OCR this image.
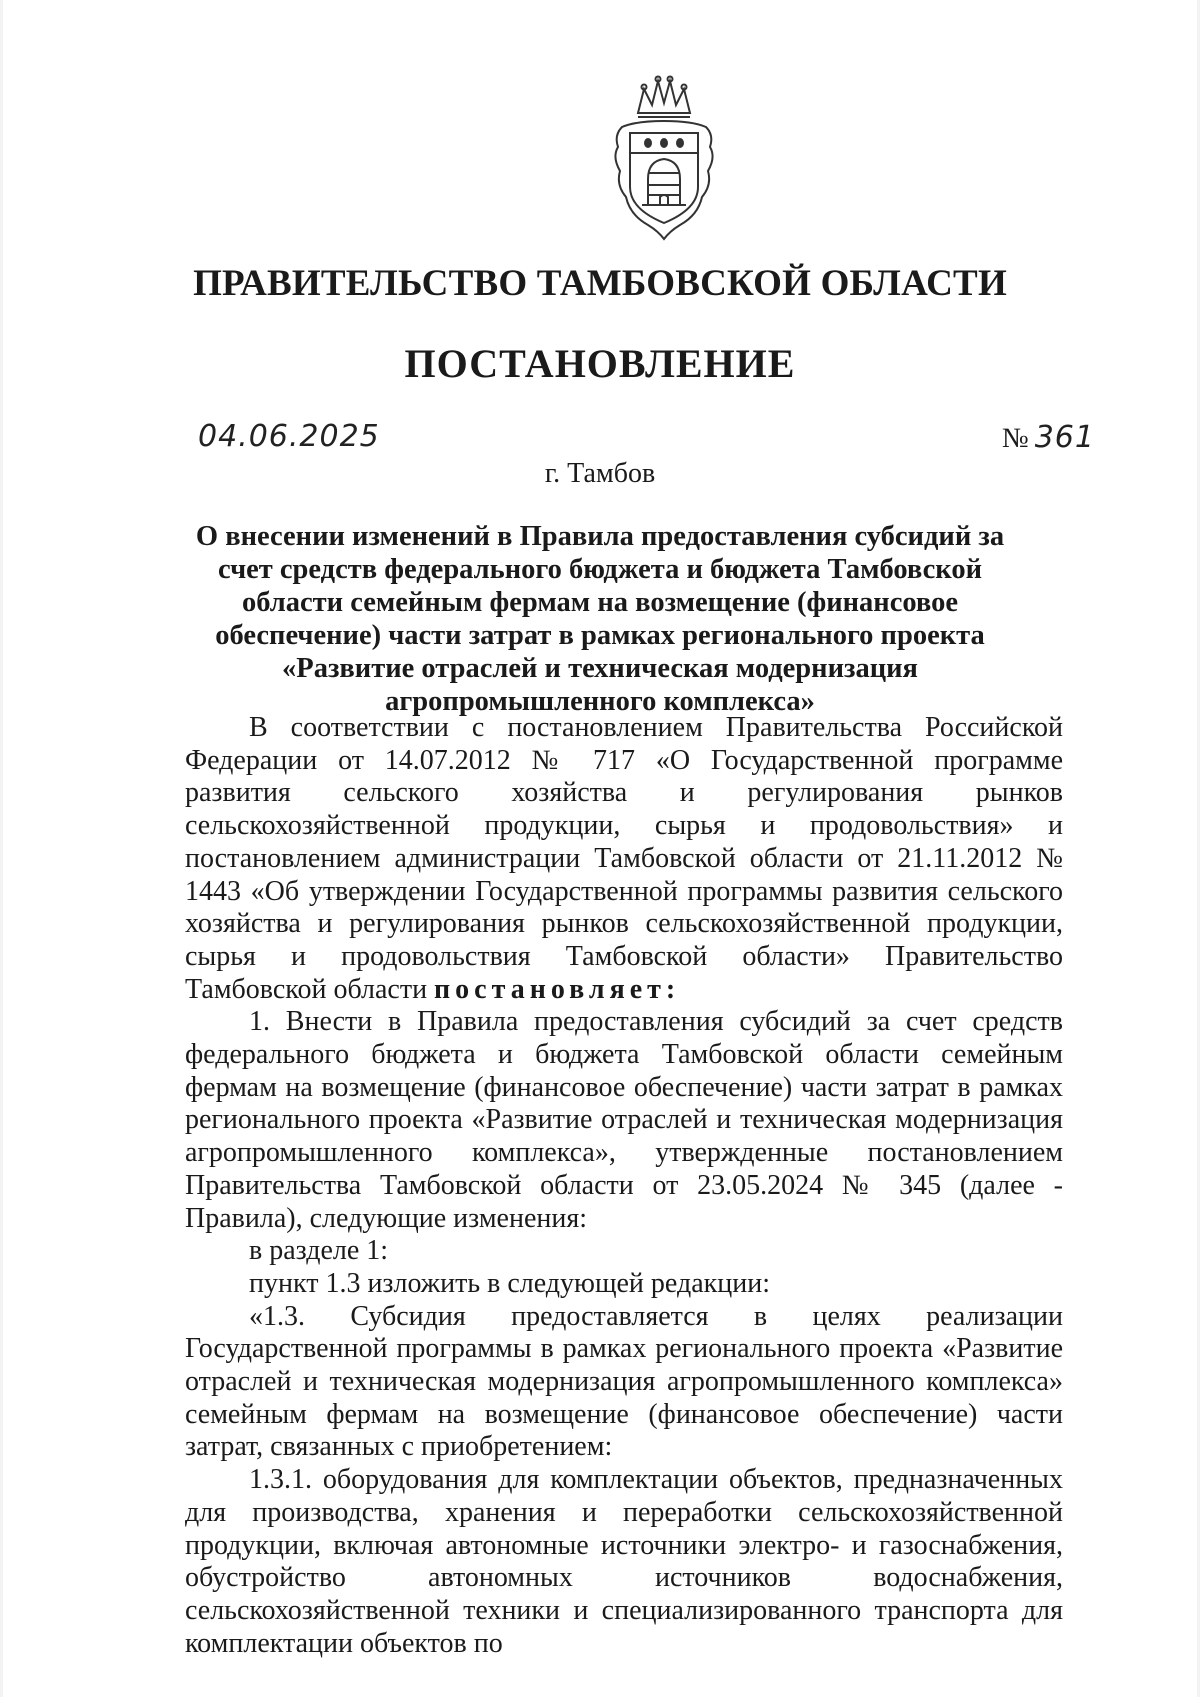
ПРАВИТЕЛЬСТВО ТАМБОВСКОЙ ОБЛАСТИ
ПОСТАНОВЛЕНИЕ
04.06.2025	№ 361
г. Тамбов
О внесении изменений в Правила предоставления субсидий за счет средств федерального бюджета и бюджета Тамбовской области семейным фермам на возмещение (финансовое обеспечение) части затрат в рамках регионального проекта «Развитие отраслей и техническая модернизация агропромышленного комплекса»

В соответствии с постановлением Правительства Российской Федерации от 14.07.2012 № 717 «О Государственной программе развития сельского хозяйства и регулирования рынков сельскохозяйственной продукции, сырья и продовольствия» и постановлением администрации Тамбовской области от 21.11.2012 № 1443 «Об утверждении Государственной программы развития сельского хозяйства и регулирования рынков сельскохозяйственной продукции, сырья и продовольствия Тамбовской области» Правительство Тамбовской области постановляет:

1. Внести в Правила предоставления субсидий за счет средств федерального бюджета и бюджета Тамбовской области семейным фермам на возмещение (финансовое обеспечение) части затрат в рамках регионального проекта «Развитие отраслей и техническая модернизация агропромышленного комплекса», утвержденные постановлением Правительства Тамбовской области от 23.05.2024 № 345 (далее - Правила), следующие изменения:

в разделе 1:

пункт 1.3 изложить в следующей редакции:

«1.3. Субсидия предоставляется в целях реализации Государственной программы в рамках регионального проекта «Развитие отраслей и техническая модернизация агропромышленного комплекса» семейным фермам на возмещение (финансовое обеспечение) части затрат, связанных с приобретением:

1.3.1. оборудования для комплектации объектов, предназначенных для производства, хранения и переработки сельскохозяйственной продукции, включая автономные источники электро- и газоснабжения, обустройство автономных источников водоснабжения, сельскохозяйственной техники и специализированного транспорта для комплектации объектов по
